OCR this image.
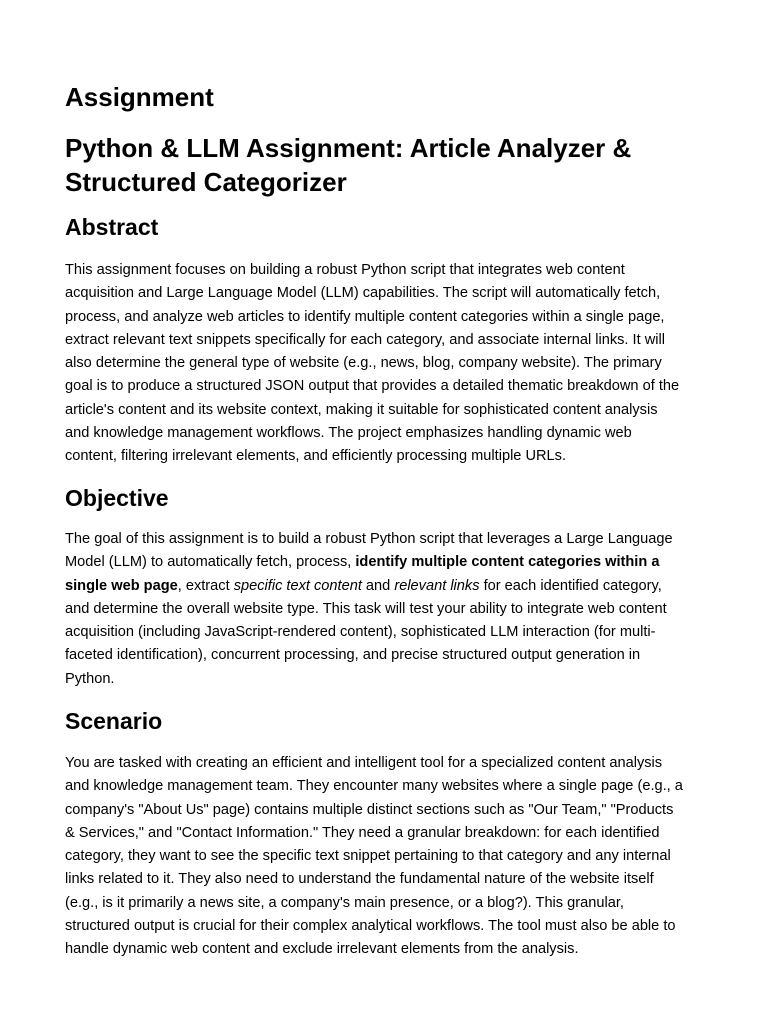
Assignment
Python & LLM Assignment: Article Analyzer &
Structured Categorizer
Abstract
This assignment focuses on building a robust Python script that integrates web content
acquisition and Large Language Model (LLM) capabilities. The script will automatically fetch,
process, and analyze web articles to identify multiple content categories within a single page,
extract relevant text snippets specifically for each category, and associate internal links. It will
also determine the general type of website (e.g., news, blog, company website). The primary
goal is to produce a structured JSON output that provides a detailed thematic breakdown of the
article's content and its website context, making it suitable for sophisticated content analysis
and knowledge management workflows. The project emphasizes handling dynamic web
content, filtering irrelevant elements, and efficiently processing multiple URLs.
Objective
The goal of this assignment is to build a robust Python script that leverages a Large Language
Model (LLM) to automatically fetch, process, identify multiple content categories within a
single web page, extract specific text content and relevant links for each identified category,
and determine the overall website type. This task will test your ability to integrate web content
acquisition (including JavaScript-rendered content), sophisticated LLM interaction (for multi-
faceted identification), concurrent processing, and precise structured output generation in
Python.
Scenario
You are tasked with creating an efficient and intelligent tool for a specialized content analysis
and knowledge management team. They encounter many websites where a single page (e.g., a
company's "About Us" page) contains multiple distinct sections such as "Our Team," "Products
& Services," and "Contact Information." They need a granular breakdown: for each identified
category, they want to see the specific text snippet pertaining to that category and any internal
links related to it. They also need to understand the fundamental nature of the website itself
(e.g., is it primarily a news site, a company's main presence, or a blog?). This granular,
structured output is crucial for their complex analytical workflows. The tool must also be able to
handle dynamic web content and exclude irrelevant elements from the analysis.
